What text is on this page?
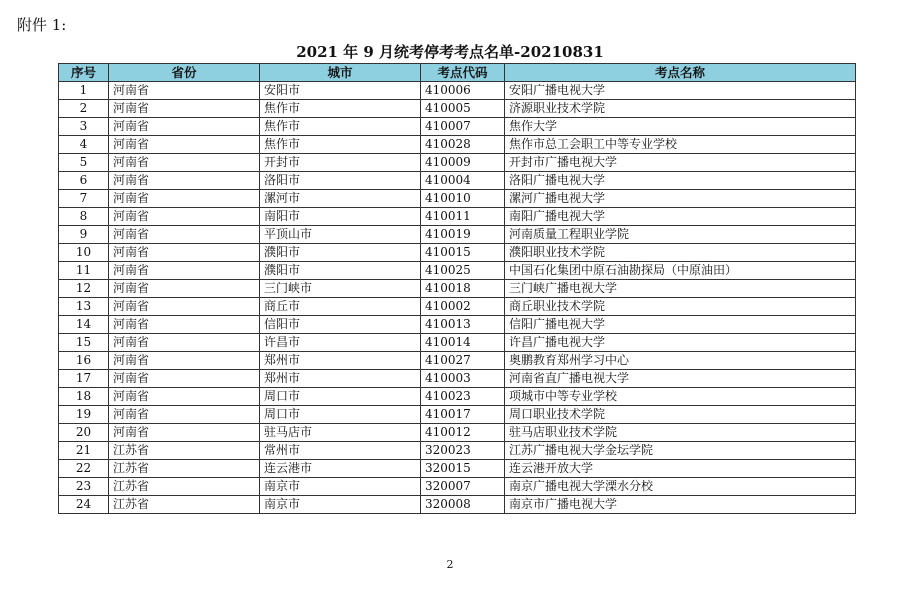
附件 1:
2021 年 9 月统考停考考点名单-20210831
序号	省份	城市	考点代码	考点名称
1	河南省	安阳市	410006	安阳广播电视大学
2	河南省	焦作市	410005	济源职业技术学院
3	河南省	焦作市	410007	焦作大学
4	河南省	焦作市	410028	焦作市总工会职工中等专业学校
5	河南省	开封市	410009	开封市广播电视大学
6	河南省	洛阳市	410004	洛阳广播电视大学
7	河南省	漯河市	410010	漯河广播电视大学
8	河南省	南阳市	410011	南阳广播电视大学
9	河南省	平顶山市	410019	河南质量工程职业学院
10	河南省	濮阳市	410015	濮阳职业技术学院
11	河南省	濮阳市	410025	中国石化集团中原石油勘探局（中原油田）
12	河南省	三门峡市	410018	三门峡广播电视大学
13	河南省	商丘市	410002	商丘职业技术学院
14	河南省	信阳市	410013	信阳广播电视大学
15	河南省	许昌市	410014	许昌广播电视大学
16	河南省	郑州市	410027	奥鹏教育郑州学习中心
17	河南省	郑州市	410003	河南省直广播电视大学
18	河南省	周口市	410023	项城市中等专业学校
19	河南省	周口市	410017	周口职业技术学院
20	河南省	驻马店市	410012	驻马店职业技术学院
21	江苏省	常州市	320023	江苏广播电视大学金坛学院
22	江苏省	连云港市	320015	连云港开放大学
23	江苏省	南京市	320007	南京广播电视大学溧水分校
24	江苏省	南京市	320008	南京市广播电视大学
2
